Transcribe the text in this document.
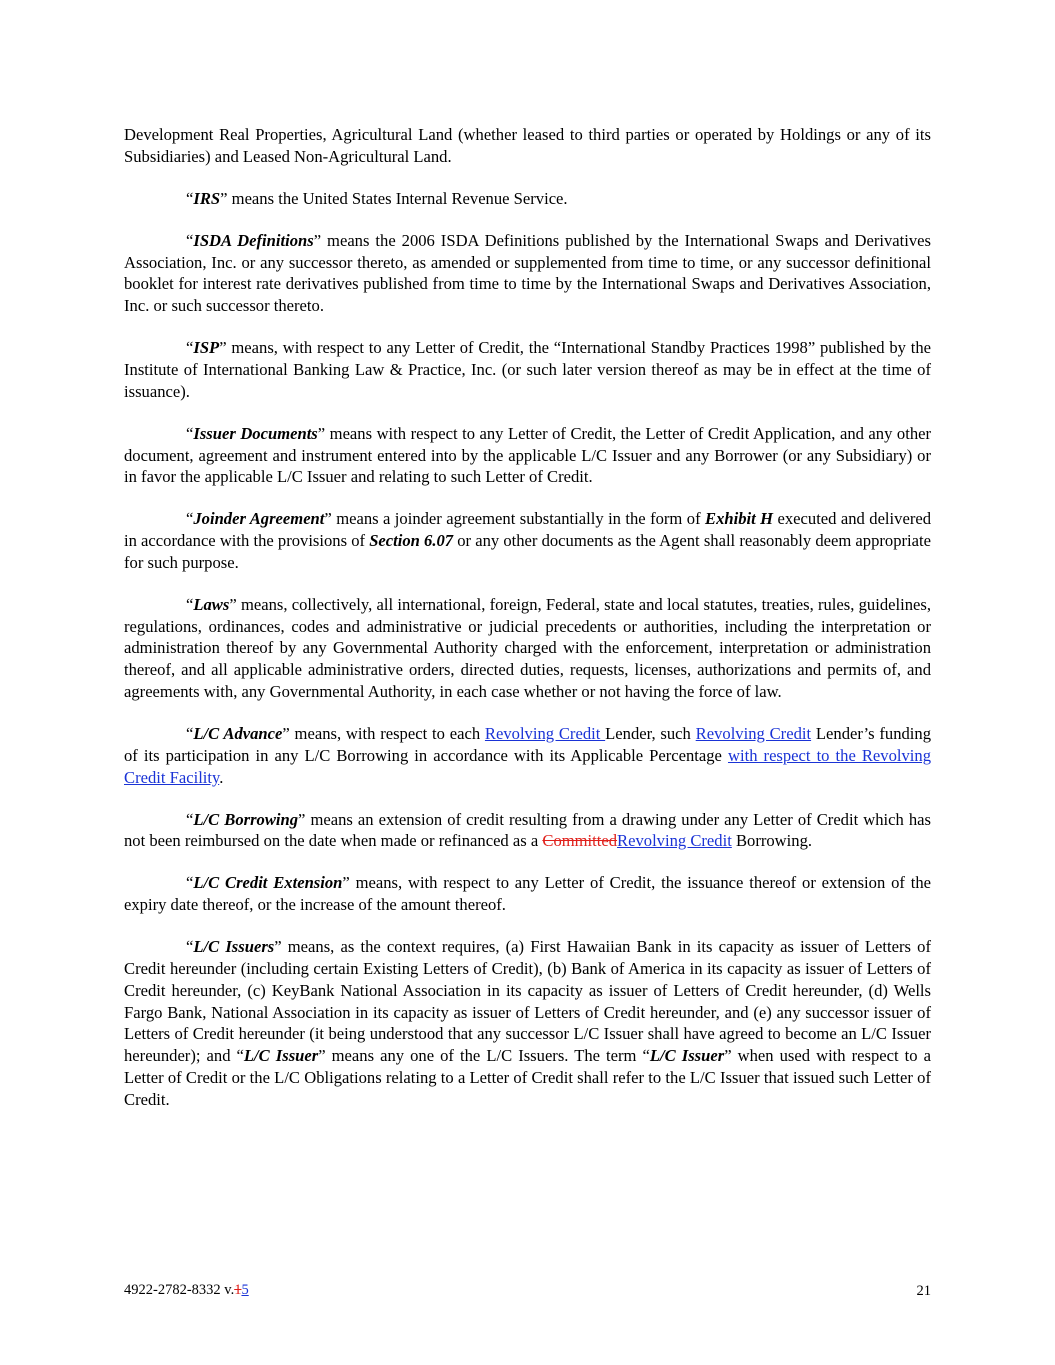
Development Real Properties, Agricultural Land (whether leased to third parties or operated by Holdings or any of its Subsidiaries) and Leased Non-Agricultural Land.

“IRS” means the United States Internal Revenue Service.

“ISDA Definitions” means the 2006 ISDA Definitions published by the International Swaps and Derivatives Association, Inc. or any successor thereto, as amended or supplemented from time to time, or any successor definitional booklet for interest rate derivatives published from time to time by the International Swaps and Derivatives Association, Inc. or such successor thereto.

“ISP” means, with respect to any Letter of Credit, the “International Standby Practices 1998” published by the Institute of International Banking Law & Practice, Inc. (or such later version thereof as may be in effect at the time of issuance).

“Issuer Documents” means with respect to any Letter of Credit, the Letter of Credit Application, and any other document, agreement and instrument entered into by the applicable L/C Issuer and any Borrower (or any Subsidiary) or in favor the applicable L/C Issuer and relating to such Letter of Credit.

“Joinder Agreement” means a joinder agreement substantially in the form of Exhibit H executed and delivered in accordance with the provisions of Section 6.07 or any other documents as the Agent shall reasonably deem appropriate for such purpose.

“Laws” means, collectively, all international, foreign, Federal, state and local statutes, treaties, rules, guidelines, regulations, ordinances, codes and administrative or judicial precedents or authorities, including the interpretation or administration thereof by any Governmental Authority charged with the enforcement, interpretation or administration thereof, and all applicable administrative orders, directed duties, requests, licenses, authorizations and permits of, and agreements with, any Governmental Authority, in each case whether or not having the force of law.

“L/C Advance” means, with respect to each Revolving Credit Lender, such Revolving Credit Lender’s funding of its participation in any L/C Borrowing in accordance with its Applicable Percentage with respect to the Revolving Credit Facility.

“L/C Borrowing” means an extension of credit resulting from a drawing under any Letter of Credit which has not been reimbursed on the date when made or refinanced as a CommittedRevolving Credit Borrowing.

“L/C Credit Extension” means, with respect to any Letter of Credit, the issuance thereof or extension of the expiry date thereof, or the increase of the amount thereof.

“L/C Issuers” means, as the context requires, (a) First Hawaiian Bank in its capacity as issuer of Letters of Credit hereunder (including certain Existing Letters of Credit), (b) Bank of America in its capacity as issuer of Letters of Credit hereunder, (c) KeyBank National Association in its capacity as issuer of Letters of Credit hereunder, (d) Wells Fargo Bank, National Association in its capacity as issuer of Letters of Credit hereunder, and (e) any successor issuer of Letters of Credit hereunder (it being understood that any successor L/C Issuer shall have agreed to become an L/C Issuer hereunder); and “L/C Issuer” means any one of the L/C Issuers. The term “L/C Issuer” when used with respect to a Letter of Credit or the L/C Obligations relating to a Letter of Credit shall refer to the L/C Issuer that issued such Letter of Credit.

4922-2782-8332 v.15	21
